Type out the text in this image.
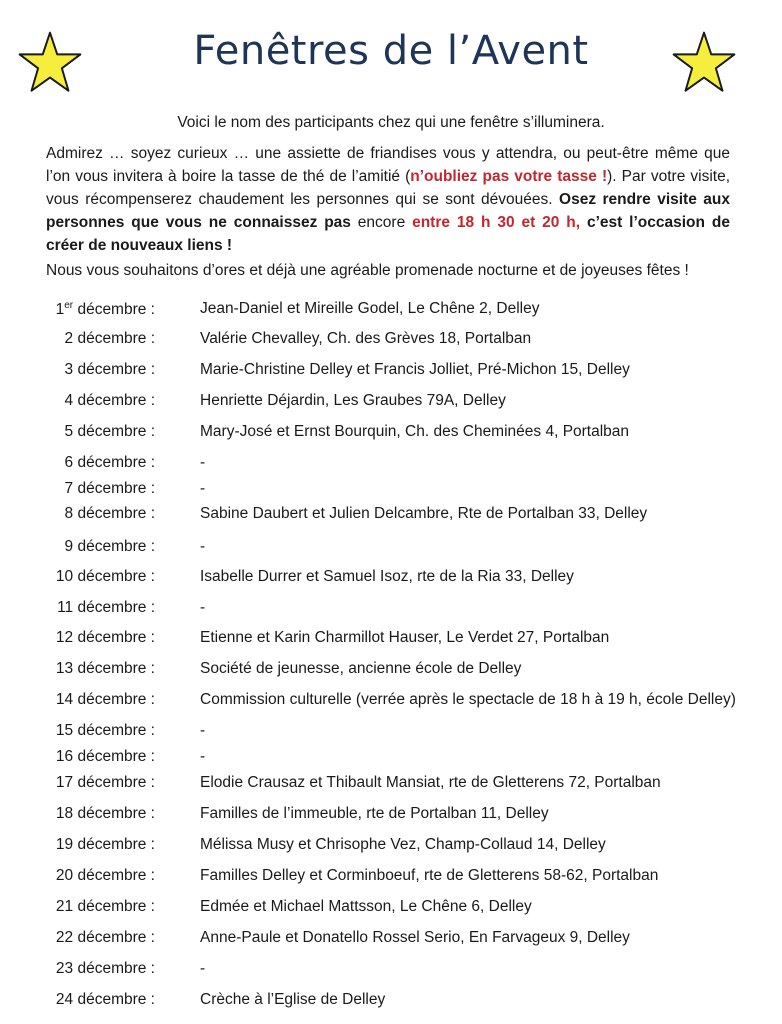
Fenêtres de l’Avent

Voici le nom des participants chez qui une fenêtre s’illuminera.

Admirez … soyez curieux … une assiette de friandises vous y attendra, ou peut-être même que l’on vous invitera à boire la tasse de thé de l’amitié (n’oubliez pas votre tasse !). Par votre visite, vous récompenserez chaudement les personnes qui se sont dévouées. Osez rendre visite aux personnes que vous ne connaissez pas encore entre 18 h 30 et 20 h, c’est l’occasion de créer de nouveaux liens !

Nous vous souhaitons d’ores et déjà une agréable promenade nocturne et de joyeuses fêtes !

1er décembre :	Jean-Daniel et Mireille Godel, Le Chêne 2, Delley
2 décembre :	Valérie Chevalley, Ch. des Grèves 18, Portalban
3 décembre :	Marie-Christine Delley et Francis Jolliet, Pré-Michon 15, Delley
4 décembre :	Henriette Déjardin, Les Graubes 79A, Delley
5 décembre :	Mary-José et Ernst Bourquin, Ch. des Cheminées 4, Portalban
6 décembre :	-
7 décembre :	-
8 décembre :	Sabine Daubert et Julien Delcambre, Rte de Portalban 33, Delley
9 décembre :	-
10 décembre :	Isabelle Durrer et Samuel Isoz, rte de la Ria 33, Delley
11 décembre :	-
12 décembre :	Etienne et Karin Charmillot Hauser, Le Verdet 27, Portalban
13 décembre :	Société de jeunesse, ancienne école de Delley
14 décembre :	Commission culturelle (verrée après le spectacle de 18 h à 19 h, école Delley)
15 décembre :	-
16 décembre :	-
17 décembre :	Elodie Crausaz et Thibault Mansiat, rte de Gletterens 72, Portalban
18 décembre :	Familles de l’immeuble, rte de Portalban 11, Delley
19 décembre :	Mélissa Musy et Chrisophe Vez, Champ-Collaud 14, Delley
20 décembre :	Familles Delley et Corminboeuf, rte de Gletterens 58-62, Portalban
21 décembre :	Edmée et Michael Mattsson, Le Chêne 6, Delley
22 décembre :	Anne-Paule et Donatello Rossel Serio, En Farvageux 9, Delley
23 décembre :	-
24 décembre :	Crèche à l’Eglise de Delley
